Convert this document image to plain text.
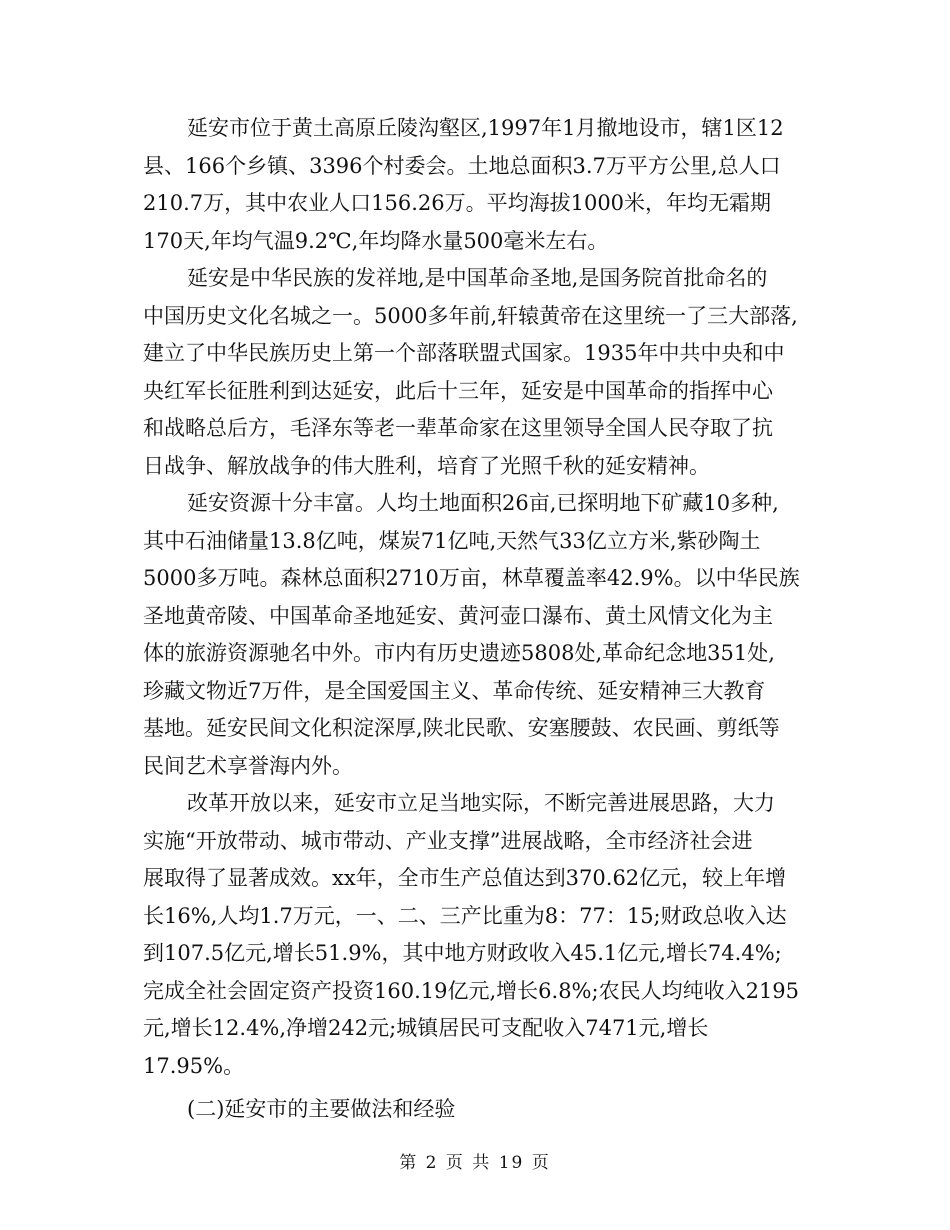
延安市位于黄土高原丘陵沟壑区,1997年1月撤地设市，辖1区12
县、166个乡镇、3396个村委会。土地总面积3.7万平方公里,总人口
210.7万，其中农业人口156.26万。平均海拔1000米，年均无霜期
170天,年均气温9.2℃,年均降水量500毫米左右。
延安是中华民族的发祥地,是中国革命圣地,是国务院首批命名的
中国历史文化名城之一。5000多年前,轩辕黄帝在这里统一了三大部落,
建立了中华民族历史上第一个部落联盟式国家。1935年中共中央和中
央红军长征胜利到达延安，此后十三年，延安是中国革命的指挥中心
和战略总后方，毛泽东等老一辈革命家在这里领导全国人民夺取了抗
日战争、解放战争的伟大胜利，培育了光照千秋的延安精神。
延安资源十分丰富。人均土地面积26亩,已探明地下矿藏10多种,
其中石油储量13.8亿吨，煤炭71亿吨,天然气33亿立方米,紫砂陶土
5000多万吨。森林总面积2710万亩，林草覆盖率42.9%。以中华民族
圣地黄帝陵、中国革命圣地延安、黄河壶口瀑布、黄土风情文化为主
体的旅游资源驰名中外。市内有历史遗迹5808处,革命纪念地351处,
珍藏文物近7万件，是全国爱国主义、革命传统、延安精神三大教育
基地。延安民间文化积淀深厚,陕北民歌、安塞腰鼓、农民画、剪纸等
民间艺术享誉海内外。
改革开放以来，延安市立足当地实际，不断完善进展思路，大力
实施“开放带动、城市带动、产业支撑”进展战略，全市经济社会进
展取得了显著成效。xx年，全市生产总值达到370.62亿元，较上年增
长16%,人均1.7万元，一、二、三产比重为8：77：15;财政总收入达
到107.5亿元,增长51.9%，其中地方财政收入45.1亿元,增长74.4%;
完成全社会固定资产投资160.19亿元,增长6.8%;农民人均纯收入2195
元,增长12.4%,净增242元;城镇居民可支配收入7471元,增长
17.95%。
(二)延安市的主要做法和经验
第 2 页 共 19 页
